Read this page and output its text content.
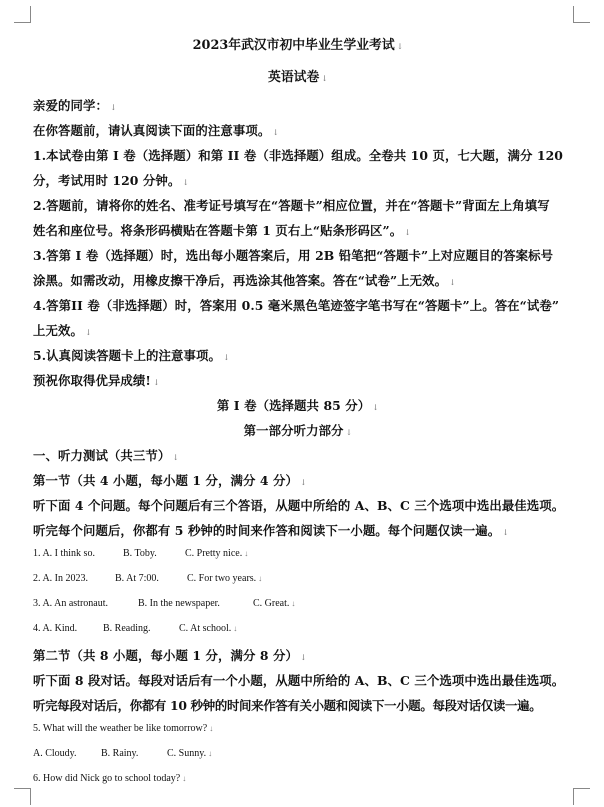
2023年武汉市初中毕业生学业考试 ↓
英语试卷 ↓
亲爱的同学： ↓
在你答题前，请认真阅读下面的注意事项。 ↓
1.本试卷由第 I 卷（选择题）和第 II 卷（非选择题）组成。全卷共 10 页，七大题，满分 120
分，考试用时 120 分钟。 ↓
2.答题前，请将你的姓名、准考证号填写在“答题卡”相应位置，并在“答题卡”背面左上角填写
姓名和座位号。将条形码横贴在答题卡第 1 页右上“贴条形码区”。 ↓
3.答第 I 卷（选择题）时，选出每小题答案后，用 2B 铅笔把“答题卡”上对应题目的答案标号
涂黑。如需改动，用橡皮擦干净后，再选涂其他答案。答在“试卷”上无效。 ↓
4.答第II 卷（非选择题）时，答案用 0.5 毫米黑色笔迹签字笔书写在“答题卡”上。答在“试卷”
上无效。 ↓
5.认真阅读答题卡上的注意事项。 ↓
预祝你取得优异成绩! ↓
第 I 卷（选择题共 85 分） ↓
第一部分听力部分 ↓
一、听力测试（共三节） ↓
第一节（共 4 小题，每小题 1 分，满分 4 分） ↓
听下面 4 个问题。每个问题后有三个答语，从题中所给的 A、B、C 三个选项中选出最佳选项。
听完每个问题后，你都有 5 秒钟的时间来作答和阅读下一小题。每个问题仅读一遍。 ↓
1. A. I think so.	B. Toby.	C. Pretty nice. ↓
2. A. In 2023.	B. At 7:00.	C. For two years. ↓
3. A. An astronaut.	B. In the newspaper.	C. Great. ↓
4. A. Kind.	B. Reading.	C. At school. ↓
第二节（共 8 小题，每小题 1 分，满分 8 分） ↓
听下面 8 段对话。每段对话后有一个小题，从题中所给的 A、B、C 三个选项中选出最佳选项。
听完每段对话后，你都有 10 秒钟的时间来作答有关小题和阅读下一小题。每段对话仅读一遍。
5. What will the weather be like tomorrow? ↓
A. Cloudy. B. Rainy.	C. Sunny. ↓
6. How did Nick go to school today? ↓
